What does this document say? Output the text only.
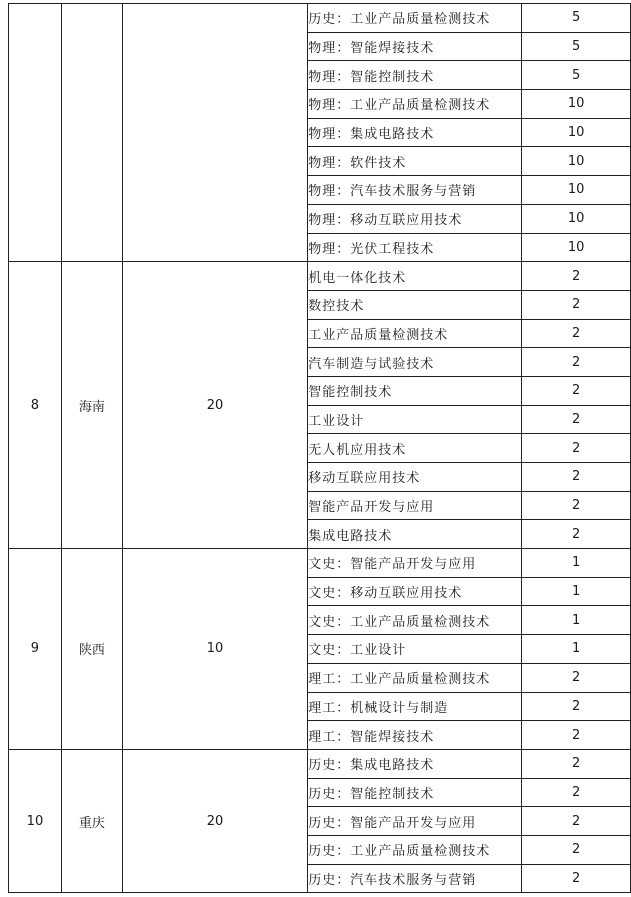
			历史：工业产品质量检测技术	5
			物理：智能焊接技术	5
			物理：智能控制技术	5
			物理：工业产品质量检测技术	10
			物理：集成电路技术	10
			物理：软件技术	10
			物理：汽车技术服务与营销	10
			物理：移动互联应用技术	10
			物理：光伏工程技术	10
8	海南	20	机电一体化技术	2
			数控技术	2
			工业产品质量检测技术	2
			汽车制造与试验技术	2
			智能控制技术	2
			工业设计	2
			无人机应用技术	2
			移动互联应用技术	2
			智能产品开发与应用	2
			集成电路技术	2
9	陕西	10	文史：智能产品开发与应用	1
			文史：移动互联应用技术	1
			文史：工业产品质量检测技术	1
			文史：工业设计	1
			理工：工业产品质量检测技术	2
			理工：机械设计与制造	2
			理工：智能焊接技术	2
10	重庆	20	历史：集成电路技术	2
			历史：智能控制技术	2
			历史：智能产品开发与应用	2
			历史：工业产品质量检测技术	2
			历史：汽车技术服务与营销	2
